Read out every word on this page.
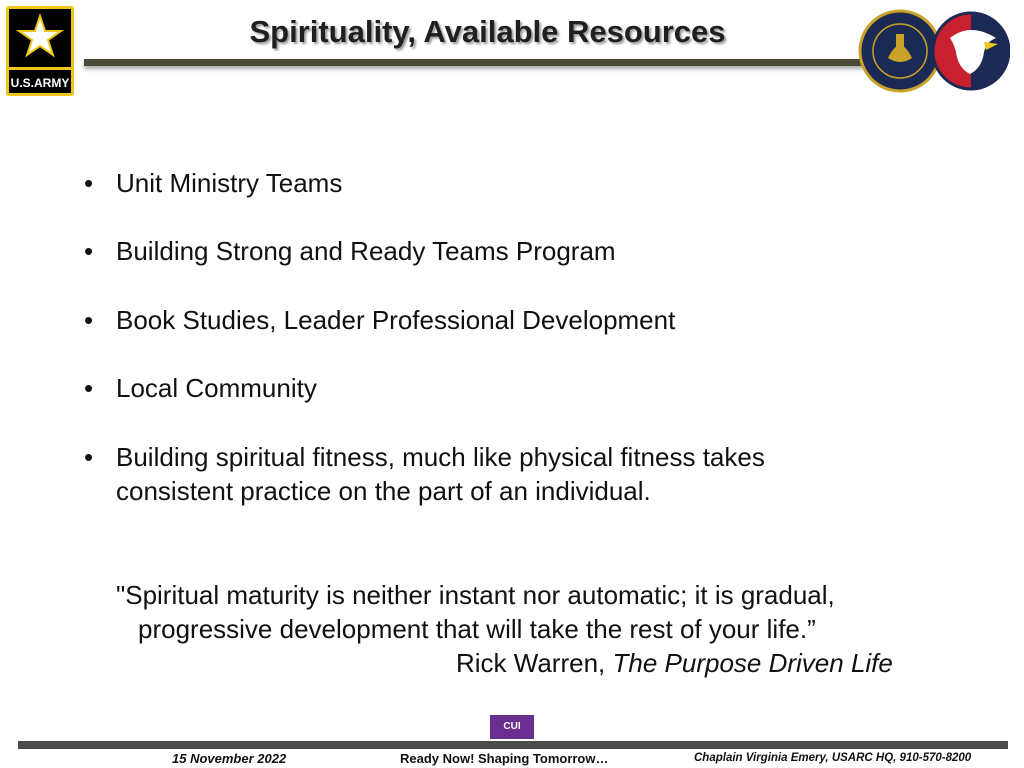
U.S.ARMY
Spirituality, Available Resources
• Unit Ministry Teams
• Building Strong and Ready Teams Program
• Book Studies, Leader Professional Development
• Local Community
• Building spiritual fitness, much like physical fitness takes
consistent practice on the part of an individual.
"Spiritual maturity is neither instant nor automatic; it is gradual,
progressive development that will take the rest of your life.”
Rick Warren, The Purpose Driven Life
CUI
15 November 2022	Ready Now! Shaping Tomorrow…	Chaplain Virginia Emery, USARC HQ, 910-570-8200
